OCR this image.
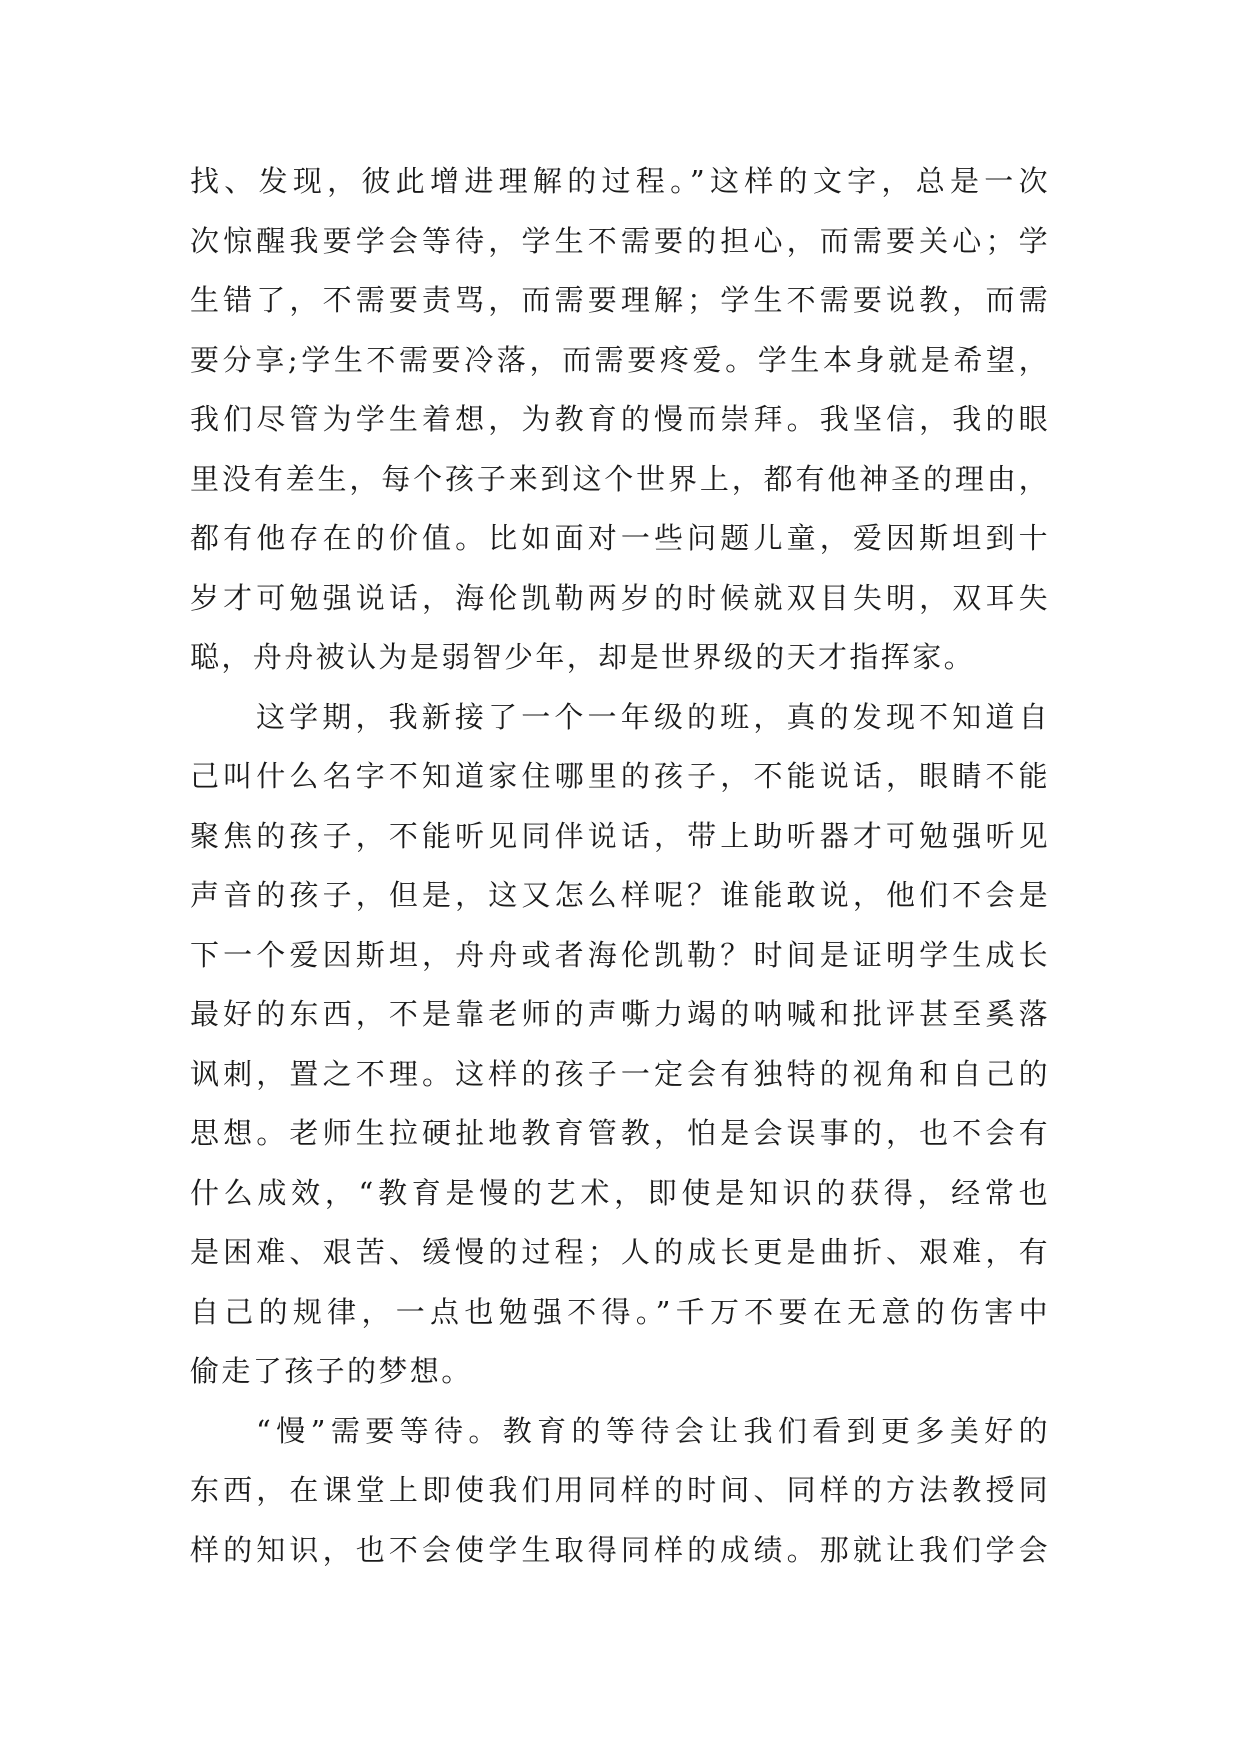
找、发现，彼此增进理解的过程。”这样的文字，总是一次
次惊醒我要学会等待，学生不需要的担心，而需要关心；学
生错了，不需要责骂，而需要理解；学生不需要说教，而需
要分享;学生不需要冷落，而需要疼爱。学生本身就是希望，
我们尽管为学生着想，为教育的慢而崇拜。我坚信，我的眼
里没有差生，每个孩子来到这个世界上，都有他神圣的理由，
都有他存在的价值。比如面对一些问题儿童，爱因斯坦到十
岁才可勉强说话，海伦凯勒两岁的时候就双目失明，双耳失
聪，舟舟被认为是弱智少年，却是世界级的天才指挥家。
这学期，我新接了一个一年级的班，真的发现不知道自
己叫什么名字不知道家住哪里的孩子，不能说话，眼睛不能
聚焦的孩子，不能听见同伴说话，带上助听器才可勉强听见
声音的孩子，但是，这又怎么样呢？谁能敢说，他们不会是
下一个爱因斯坦，舟舟或者海伦凯勒？时间是证明学生成长
最好的东西，不是靠老师的声嘶力竭的呐喊和批评甚至奚落
讽刺，置之不理。这样的孩子一定会有独特的视角和自己的
思想。老师生拉硬扯地教育管教，怕是会误事的，也不会有
什么成效，“教育是慢的艺术，即使是知识的获得，经常也
是困难、艰苦、缓慢的过程；人的成长更是曲折、艰难，有
自己的规律，一点也勉强不得。”千万不要在无意的伤害中
偷走了孩子的梦想。
“慢”需要等待。教育的等待会让我们看到更多美好的
东西，在课堂上即使我们用同样的时间、同样的方法教授同
样的知识，也不会使学生取得同样的成绩。那就让我们学会
